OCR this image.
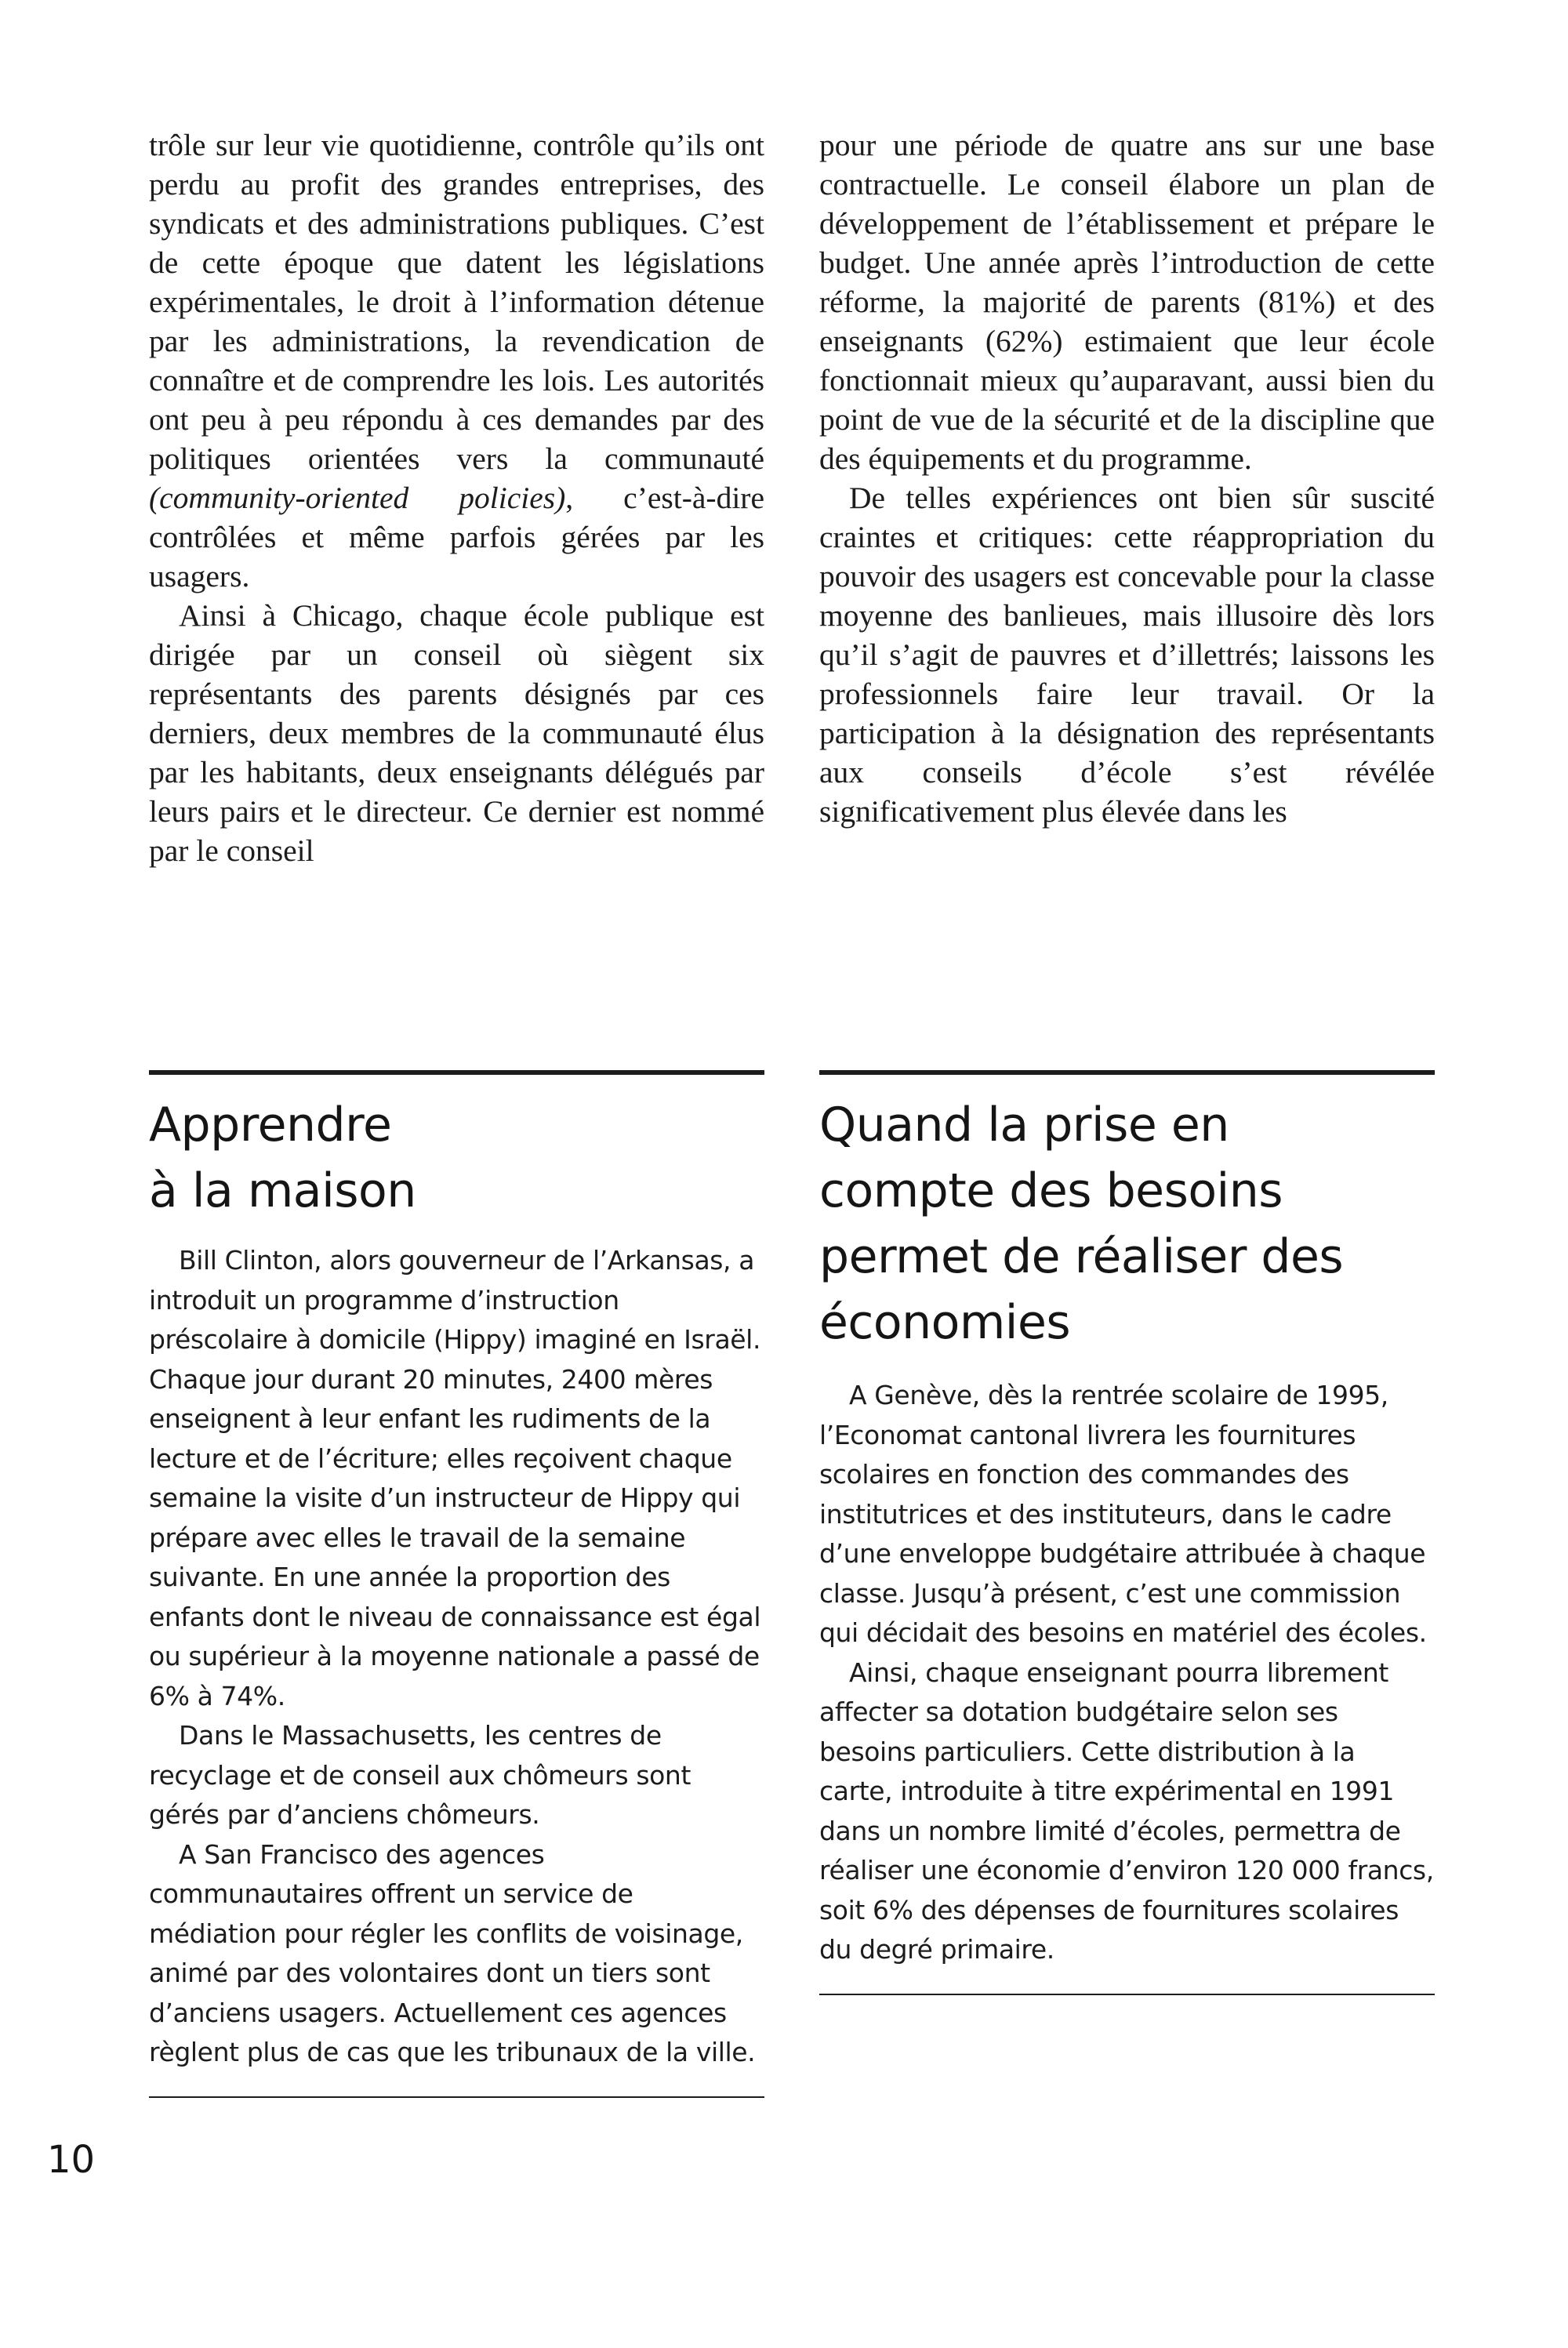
trôle sur leur vie quotidienne, contrôle qu’ils ont perdu au profit des grandes entreprises, des syndicats et des administrations publiques. C’est de cette époque que datent les législations expérimentales, le droit à l’information détenue par les administrations, la revendication de connaître et de comprendre les lois. Les autorités ont peu à peu répondu à ces demandes par des politiques orientées vers la communauté (community-oriented policies), c’est-à-dire contrôlées et même parfois gérées par les usagers.

Ainsi à Chicago, chaque école publique est dirigée par un conseil où siègent six représentants des parents désignés par ces derniers, deux membres de la communauté élus par les habitants, deux enseignants délégués par leurs pairs et le directeur. Ce dernier est nommé par le conseil

pour une période de quatre ans sur une base contractuelle. Le conseil élabore un plan de développement de l’établissement et prépare le budget. Une année après l’introduction de cette réforme, la majorité de parents (81%) et des enseignants (62%) estimaient que leur école fonctionnait mieux qu’auparavant, aussi bien du point de vue de la sécurité et de la discipline que des équipements et du programme.

De telles expériences ont bien sûr suscité craintes et critiques: cette réappropriation du pouvoir des usagers est concevable pour la classe moyenne des banlieues, mais illusoire dès lors qu’il s’agit de pauvres et d’illettrés; laissons les professionnels faire leur travail. Or la participation à la désignation des représentants aux conseils d’école s’est révélée significativement plus élevée dans les

Apprendre
à la maison

Bill Clinton, alors gouverneur de l’Arkansas, a introduit un programme d’instruction préscolaire à domicile (Hippy) imaginé en Israël. Chaque jour durant 20 minutes, 2400 mères enseignent à leur enfant les rudiments de la lecture et de l’écriture; elles reçoivent chaque semaine la visite d’un instructeur de Hippy qui prépare avec elles le travail de la semaine suivante. En une année la proportion des enfants dont le niveau de connaissance est égal ou supérieur à la moyenne nationale a passé de 6% à 74%.

Dans le Massachusetts, les centres de recyclage et de conseil aux chômeurs sont gérés par d’anciens chômeurs.

A San Francisco des agences communautaires offrent un service de médiation pour régler les conflits de voisinage, animé par des volontaires dont un tiers sont d’anciens usagers. Actuellement ces agences règlent plus de cas que les tribunaux de la ville.

Quand la prise en
compte des besoins
permet de réaliser des
économies

A Genève, dès la rentrée scolaire de 1995, l’Economat cantonal livrera les fournitures scolaires en fonction des commandes des institutrices et des instituteurs, dans le cadre d’une enveloppe budgétaire attribuée à chaque classe. Jusqu’à présent, c’est une commission qui décidait des besoins en matériel des écoles.

Ainsi, chaque enseignant pourra librement affecter sa dotation budgétaire selon ses besoins particuliers. Cette distribution à la carte, introduite à titre expérimental en 1991 dans un nombre limité d’écoles, permettra de réaliser une économie d’environ 120 000 francs, soit 6% des dépenses de fournitures scolaires du degré primaire.

10
